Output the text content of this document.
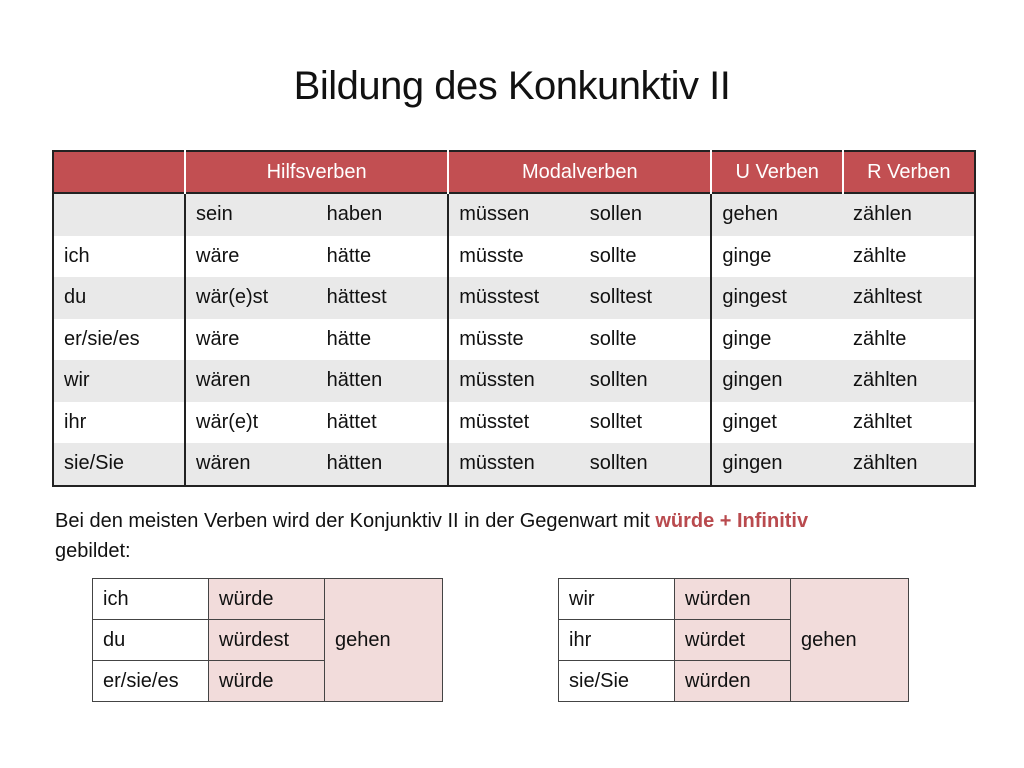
Bildung des Konkunktiv II
	Hilfsverben		Modalverben		U Verben	R Verben
	sein	haben	müssen	sollen	gehen	zählen
ich	wäre	hätte	müsste	sollte	ginge	zählte
du	wär(e)st	hättest	müsstest	solltest	gingest	zähltest
er/sie/es	wäre	hätte	müsste	sollte	ginge	zählte
wir	wären	hätten	müssten	sollten	gingen	zählten
ihr	wär(e)t	hättet	müsstet	solltet	ginget	zähltet
sie/Sie	wären	hätten	müssten	sollten	gingen	zählten
Bei den meisten Verben wird der Konjunktiv II in der Gegenwart mit würde + Infinitiv
gebildet:
ich	würde	gehen
du	würdest	
er/sie/es	würde	
wir	würden	gehen
ihr	würdet	
sie/Sie	würden	
